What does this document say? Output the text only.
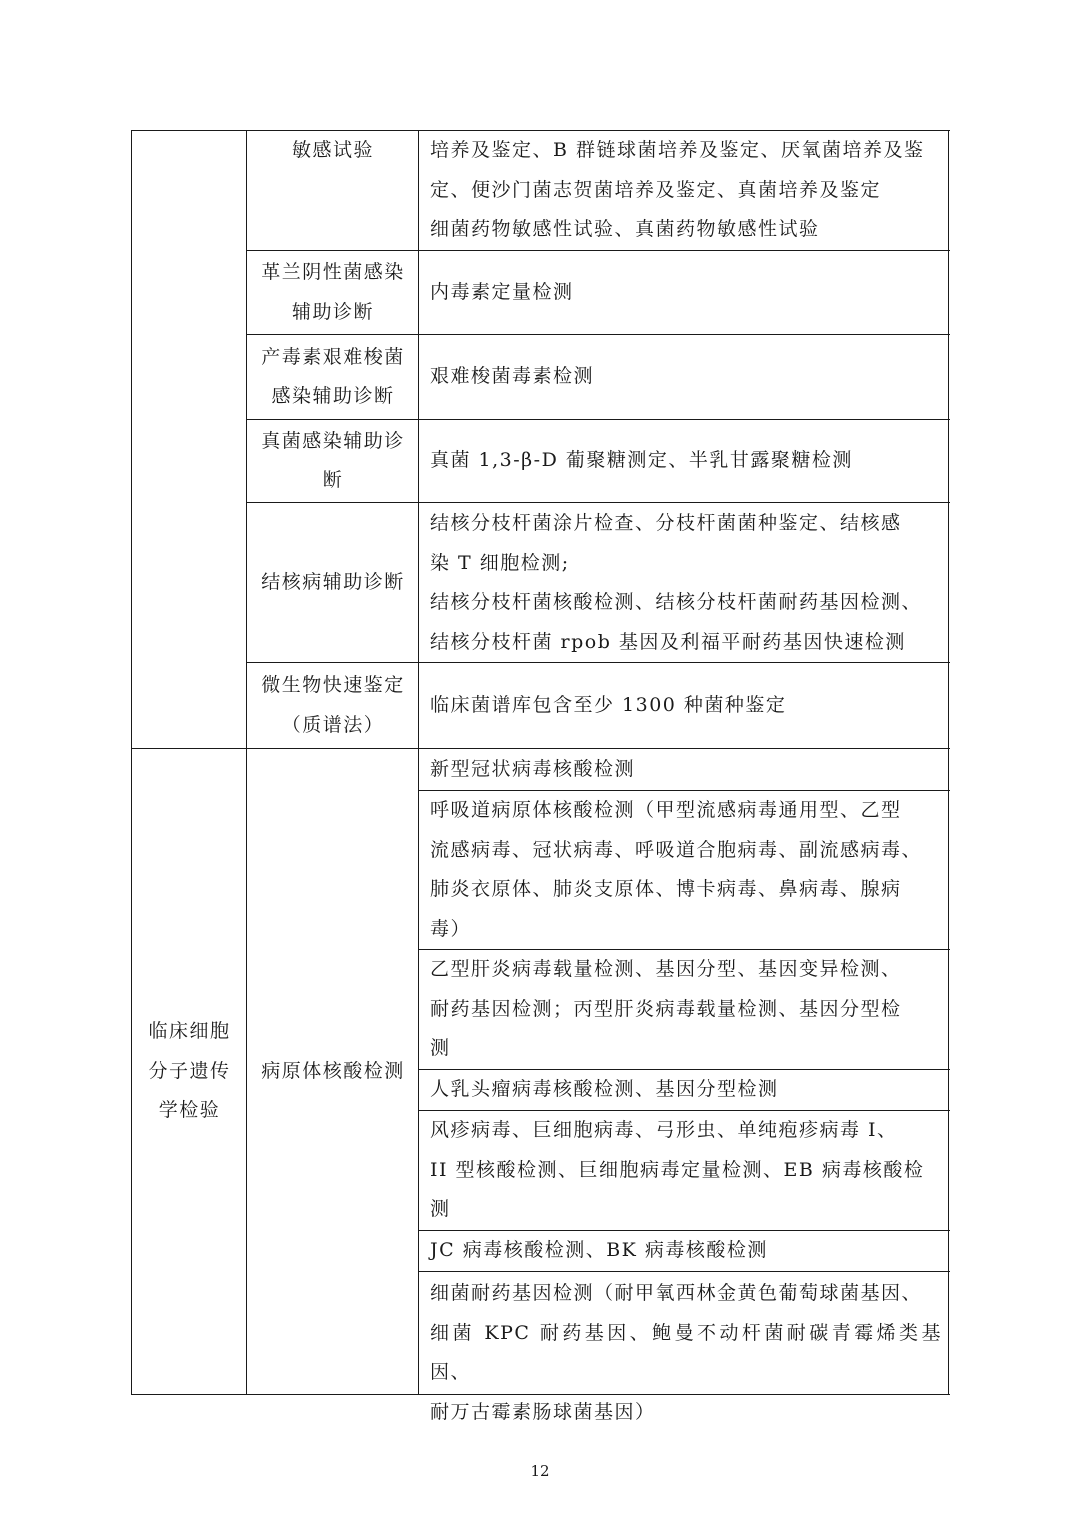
敏感试验	培养及鉴定、B 群链球菌培养及鉴定、厌氧菌培养及鉴
定、便沙门菌志贺菌培养及鉴定、真菌培养及鉴定
细菌药物敏感性试验、真菌药物敏感性试验
革兰阴性菌感染
辅助诊断
内毒素定量检测
产毒素艰难梭菌
感染辅助诊断
艰难梭菌毒素检测
真菌感染辅助诊
断
真菌 1,3-β-D 葡聚糖测定、半乳甘露聚糖检测
结核病辅助诊断
结核分枝杆菌涂片检查、分枝杆菌菌种鉴定、结核感
染 T 细胞检测;
结核分枝杆菌核酸检测、结核分枝杆菌耐药基因检测、
结核分枝杆菌 rpob 基因及利福平耐药基因快速检测
微生物快速鉴定
（质谱法）
临床菌谱库包含至少 1300 种菌种鉴定
临床细胞
分子遗传
学检验
病原体核酸检测
新型冠状病毒核酸检测
呼吸道病原体核酸检测（甲型流感病毒通用型、乙型
流感病毒、冠状病毒、呼吸道合胞病毒、副流感病毒、
肺炎衣原体、肺炎支原体、博卡病毒、鼻病毒、腺病
毒）
乙型肝炎病毒载量检测、基因分型、基因变异检测、
耐药基因检测；丙型肝炎病毒载量检测、基因分型检
测
人乳头瘤病毒核酸检测、基因分型检测
风疹病毒、巨细胞病毒、弓形虫、单纯疱疹病毒 I、
II 型核酸检测、巨细胞病毒定量检测、EB 病毒核酸检
测
JC 病毒核酸检测、BK 病毒核酸检测
细菌耐药基因检测（耐甲氧西林金黄色葡萄球菌基因、
细菌 KPC 耐药基因、鲍曼不动杆菌耐碳青霉烯类基因、
耐万古霉素肠球菌基因）
12
